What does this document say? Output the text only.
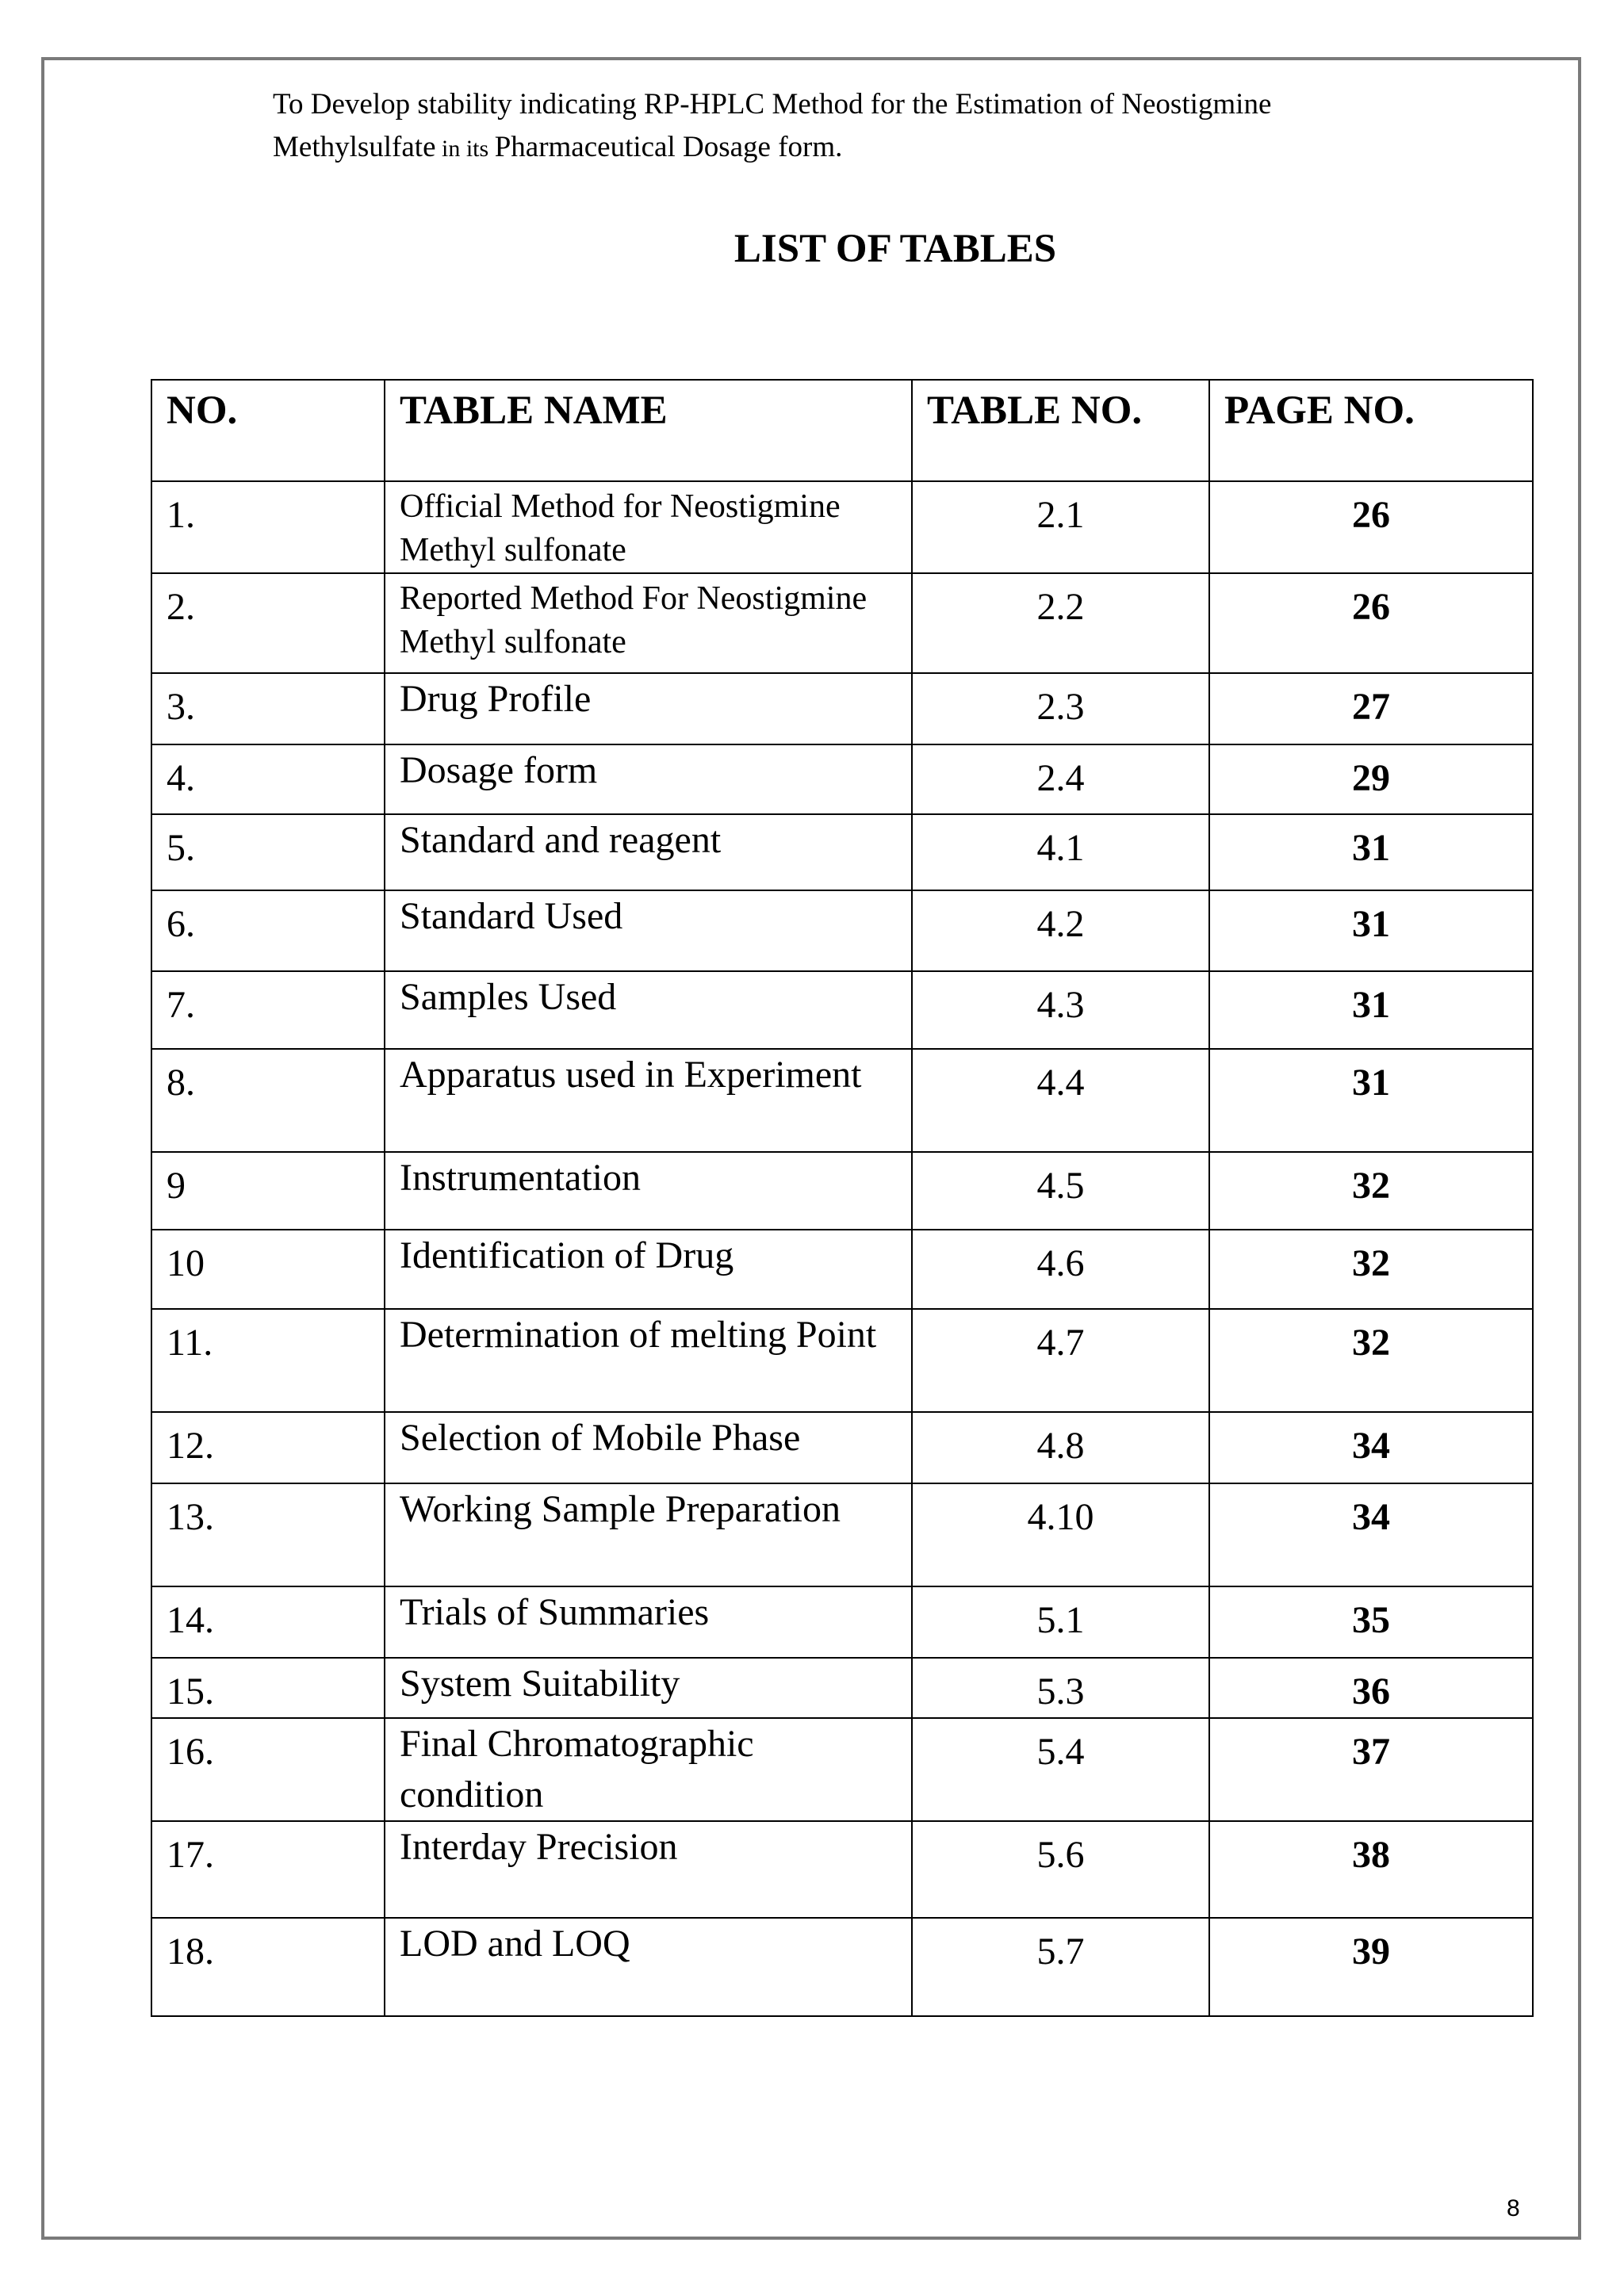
To Develop stability indicating RP-HPLC Method for the Estimation of Neostigmine
Methylsulfate in its Pharmaceutical Dosage form.
LIST OF TABLES
NO.	TABLE NAME	TABLE NO.	PAGE NO.
1.	Official Method for Neostigmine Methyl sulfonate	2.1	26
2.	Reported Method For Neostigmine Methyl sulfonate	2.2	26
3.	Drug Profile	2.3	27
4.	Dosage form	2.4	29
5.	Standard and reagent	4.1	31
6.	Standard Used	4.2	31
7.	Samples Used	4.3	31
8.	Apparatus used in Experiment	4.4	31
9	Instrumentation	4.5	32
10	Identification of Drug	4.6	32
11.	Determination of melting Point	4.7	32
12.	Selection of Mobile Phase	4.8	34
13.	Working Sample Preparation	4.10	34
14.	Trials of Summaries	5.1	35
15.	System Suitability	5.3	36
16.	Final Chromatographic condition	5.4	37
17.	Interday Precision	5.6	38
18.	LOD and LOQ	5.7	39
8
